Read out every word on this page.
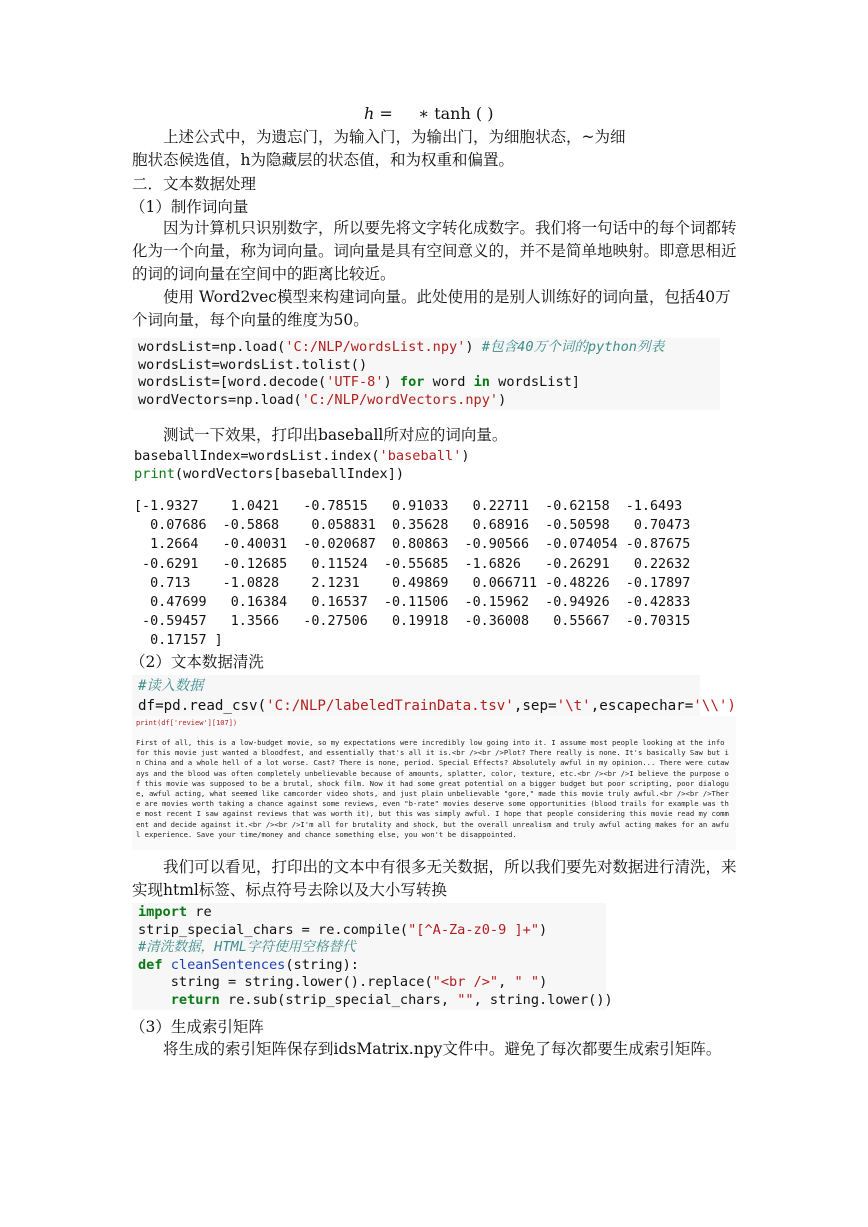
h = ∗ tanh ( )

上述公式中，为遗忘门，为输入门，为输出门，为细胞状态，~为细

胞状态候选值，h为隐藏层的状态值，和为权重和偏置。

二．文本数据处理

（1）制作词向量

因为计算机只识别数字，所以要先将文字转化成数字。我们将一句话中的每个词都转化为一个向量，称为词向量。词向量是具有空间意义的，并不是简单地映射。即意思相近的词的词向量在空间中的距离比较近。

使用 Word2vec模型来构建词向量。此处使用的是别人训练好的词向量，包括40万个词向量，每个向量的维度为50。

wordsList=np.load('C:/NLP/wordsList.npy') #包含40万个词的python列表
wordsList=wordsList.tolist()
wordsList=[word.decode('UTF-8') for word in wordsList]
wordVectors=np.load('C:/NLP/wordVectors.npy')

测试一下效果，打印出baseball所对应的词向量。

baseballIndex=wordsList.index('baseball')
print(wordVectors[baseballIndex])
[-1.9327    1.0421   -0.78515   0.91033   0.22711  -0.62158  -1.6493
0.07686  -0.5868    0.058831  0.35628   0.68916  -0.50598   0.70473
1.2664   -0.40031  -0.020687  0.80863  -0.90566  -0.074054 -0.87675
-0.6291   -0.12685   0.11524  -0.55685  -1.6826   -0.26291   0.22632
0.713    -1.0828    2.1231    0.49869   0.066711 -0.48226  -0.17897
0.47699   0.16384   0.16537  -0.11506  -0.15962  -0.94926  -0.42833
-0.59457   1.3566   -0.27506   0.19918  -0.36008   0.55667  -0.70315
0.17157 ]

（2）文本数据清洗

#读入数据
df=pd.read_csv('C:/NLP/labeledTrainData.tsv',sep='\t',escapechar='\\')
print(df['review'][107])

First of all, this is a low-budget movie, so my expectations were incredibly low going into it. I assume most people looking at the info for this movie just wanted a bloodfest, and essentially that's all it is.<br /><br />Plot? There really is none. It's basically Saw but in China and a whole hell of a lot worse. Cast? There is none, period. Special Effects? Absolutely awful in my opinion... There were cutaways and the blood was often completely unbelievable because of amounts, splatter, color, texture, etc.<br /><br />I believe the purpose of this movie was supposed to be a brutal, shock film. Now it had some great potential on a bigger budget but poor scripting, poor dialogue, awful acting, what seemed like camcorder video shots, and just plain unbelievable "gore," made this movie truly awful.<br /><br />There are movies worth taking a chance against some reviews, even "b-rate" movies deserve some opportunities (blood trails for example was the most recent I saw against reviews that was worth it), but this was simply awful. I hope that people considering this movie read my comment and decide against it.<br /><br />I'm all for brutality and shock, but the overall unrealism and truly awful acting makes for an awful experience. Save your time/money and chance something else, you won't be disappointed.

我们可以看见，打印出的文本中有很多无关数据，所以我们要先对数据进行清洗，来实现html标签、标点符号去除以及大小写转换

import re
strip_special_chars = re.compile("[^A-Za-z0-9 ]+")
#清洗数据，HTML字符使用空格替代
def cleanSentences(string):
string = string.lower().replace("<br />", " ")
return re.sub(strip_special_chars, "", string.lower())

（3）生成索引矩阵

将生成的索引矩阵保存到idsMatrix.npy文件中。避免了每次都要生成索引矩阵。
